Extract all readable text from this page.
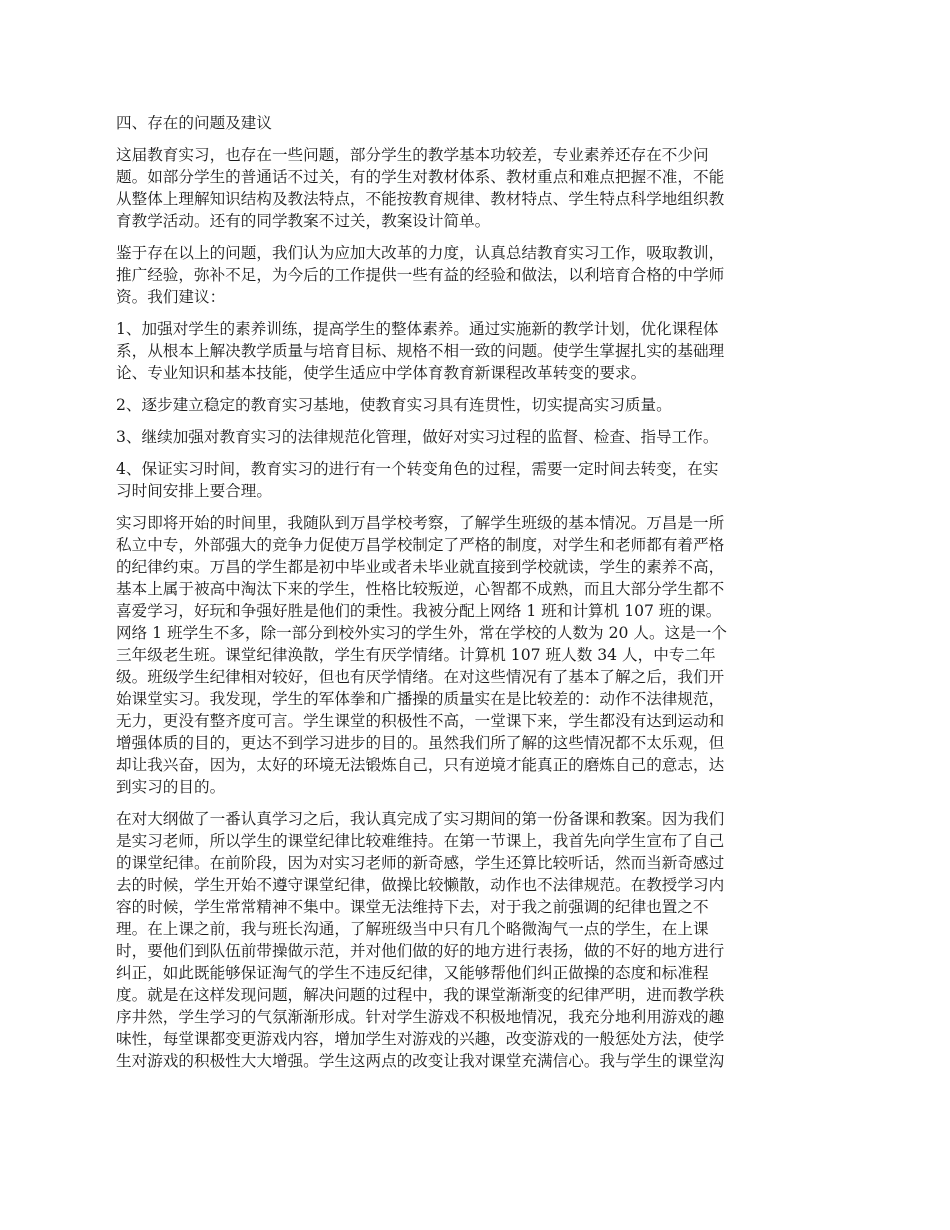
四、存在的问题及建议

这届教育实习，也存在一些问题，部分学生的教学基本功较差，专业素养还存在不少问
题。如部分学生的普通话不过关，有的学生对教材体系、教材重点和难点把握不准，不能
从整体上理解知识结构及教法特点，不能按教育规律、教材特点、学生特点科学地组织教
育教学活动。还有的同学教案不过关，教案设计简单。

鉴于存在以上的问题，我们认为应加大改革的力度，认真总结教育实习工作，吸取教训，
推广经验，弥补不足，为今后的工作提供一些有益的经验和做法，以利培育合格的中学师
资。我们建议：

1、加强对学生的素养训练，提高学生的整体素养。通过实施新的教学计划，优化课程体
系，从根本上解决教学质量与培育目标、规格不相一致的问题。使学生掌握扎实的基础理
论、专业知识和基本技能，使学生适应中学体育教育新课程改革转变的要求。

2、逐步建立稳定的教育实习基地，使教育实习具有连贯性，切实提高实习质量。

3、继续加强对教育实习的法律规范化管理，做好对实习过程的监督、检查、指导工作。

4、保证实习时间，教育实习的进行有一个转变角色的过程，需要一定时间去转变，在实
习时间安排上要合理。

实习即将开始的时间里，我随队到万昌学校考察，了解学生班级的基本情况。万昌是一所
私立中专，外部强大的竞争力促使万昌学校制定了严格的制度，对学生和老师都有着严格
的纪律约束。万昌的学生都是初中毕业或者未毕业就直接到学校就读，学生的素养不高，
基本上属于被高中淘汰下来的学生，性格比较叛逆，心智都不成熟，而且大部分学生都不
喜爱学习，好玩和争强好胜是他们的秉性。我被分配上网络 1 班和计算机 107 班的课。
网络 1 班学生不多，除一部分到校外实习的学生外，常在学校的人数为 20 人。这是一个
三年级老生班。课堂纪律涣散，学生有厌学情绪。计算机 107 班人数 34 人，中专二年
级。班级学生纪律相对较好，但也有厌学情绪。在对这些情况有了基本了解之后，我们开
始课堂实习。我发现，学生的军体拳和广播操的质量实在是比较差的：动作不法律规范，
无力，更没有整齐度可言。学生课堂的积极性不高，一堂课下来，学生都没有达到运动和
增强体质的目的，更达不到学习进步的目的。虽然我们所了解的这些情况都不太乐观，但
却让我兴奋，因为，太好的环境无法锻炼自己，只有逆境才能真正的磨炼自己的意志，达
到实习的目的。

在对大纲做了一番认真学习之后，我认真完成了实习期间的第一份备课和教案。因为我们
是实习老师，所以学生的课堂纪律比较难维持。在第一节课上，我首先向学生宣布了自己
的课堂纪律。在前阶段，因为对实习老师的新奇感，学生还算比较听话，然而当新奇感过
去的时候，学生开始不遵守课堂纪律，做操比较懒散，动作也不法律规范。在教授学习内
容的时候，学生常常精神不集中。课堂无法维持下去，对于我之前强调的纪律也置之不
理。在上课之前，我与班长沟通，了解班级当中只有几个略微淘气一点的学生，在上课
时，要他们到队伍前带操做示范，并对他们做的好的地方进行表扬，做的不好的地方进行
纠正，如此既能够保证淘气的学生不违反纪律，又能够帮他们纠正做操的态度和标准程
度。就是在这样发现问题，解决问题的过程中，我的课堂渐渐变的纪律严明，进而教学秩
序井然，学生学习的气氛渐渐形成。针对学生游戏不积极地情况，我充分地利用游戏的趣
味性，每堂课都变更游戏内容，增加学生对游戏的兴趣，改变游戏的一般惩处方法，使学
生对游戏的积极性大大增强。学生这两点的改变让我对课堂充满信心。我与学生的课堂沟
